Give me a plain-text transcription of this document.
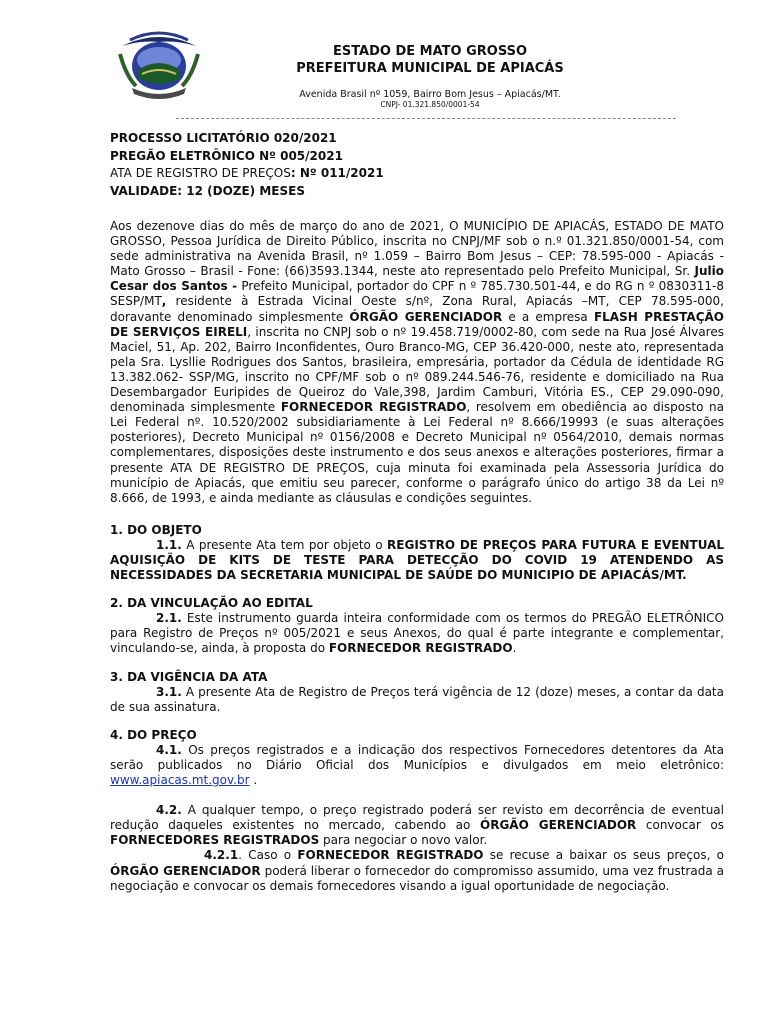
ESTADO DE MATO GROSSO
PREFEITURA MUNICIPAL DE APIACÁS
Avenida Brasil nº 1059, Bairro Bom Jesus – Apiacás/MT.
CNPJ- 01.321.850/0001-54

PROCESSO LICITATÓRIO 020/2021

PREGÃO ELETRÔNICO Nº 005/2021

ATA DE REGISTRO DE PREÇOS: Nº 011/2021

VALIDADE: 12 (DOZE) MESES

Aos dezenove dias do mês de março do ano de 2021, O MUNICÍPIO DE APIACÁS, ESTADO DE MATO GROSSO, Pessoa Jurídica de Direito Público, inscrita no CNPJ/MF sob o n.º 01.321.850/0001-54, com sede administrativa na Avenida Brasil, nº 1.059 – Bairro Bom Jesus – CEP: 78.595-000 - Apiacás - Mato Grosso – Brasil - Fone: (66)3593.1344, neste ato representado pelo Prefeito Municipal, Sr. Julio Cesar dos Santos - Prefeito Municipal, portador do CPF n º 785.730.501-44, e do RG n º 0830311-8 SESP/MT, residente à Estrada Vicinal Oeste s/nº, Zona Rural, Apiacás –MT, CEP 78.595-000, doravante denominado simplesmente ÓRGÃO GERENCIADOR e a empresa FLASH PRESTAÇÃO DE SERVIÇOS EIRELI, inscrita no CNPJ sob o nº 19.458.719/0002-80, com sede na Rua José Álvares Maciel, 51, Ap. 202, Bairro Inconfidentes, Ouro Branco-MG, CEP 36.420-000, neste ato, representada pela Sra. Lysllie Rodrigues dos Santos, brasileira, empresária, portador da Cédula de identidade RG 13.382.062- SSP/MG, inscrito no CPF/MF sob o nº 089.244.546-76, residente e domiciliado na Rua Desembargador Euripides de Queiroz do Vale,398, Jardim Camburi, Vitória ES., CEP 29.090-090, denominada simplesmente FORNECEDOR REGISTRADO, resolvem em obediência ao disposto na Lei Federal nº. 10.520/2002 subsidiariamente à Lei Federal nº 8.666/19993 (e suas alterações posteriores), Decreto Municipal nº 0156/2008 e Decreto Municipal nº 0564/2010, demais normas complementares, disposições deste instrumento e dos seus anexos e alterações posteriores, firmar a presente ATA DE REGISTRO DE PREÇOS, cuja minuta foi examinada pela Assessoria Jurídica do município de Apiacás, que emitiu seu parecer, conforme o parágrafo único do artigo 38 da Lei nº 8.666, de 1993, e ainda mediante as cláusulas e condições seguintes.

1. DO OBJETO

1.1. A presente Ata tem por objeto o REGISTRO DE PREÇOS PARA FUTURA E EVENTUAL AQUISIÇÃO DE KITS DE TESTE PARA DETECÇÃO DO COVID 19 ATENDENDO AS NECESSIDADES DA SECRETARIA MUNICIPAL DE SAÚDE DO MUNICIPIO DE APIACÁS/MT.

2. DA VINCULAÇÃO AO EDITAL

2.1. Este instrumento guarda inteira conformidade com os termos do PREGÃO ELETRÔNICO para Registro de Preços nº 005/2021 e seus Anexos, do qual é parte integrante e complementar, vinculando-se, ainda, à proposta do FORNECEDOR REGISTRADO.

3. DA VIGÊNCIA DA ATA

3.1. A presente Ata de Registro de Preços terá vigência de 12 (doze) meses, a contar da data de sua assinatura.

4. DO PREÇO

4.1. Os preços registrados e a indicação dos respectivos Fornecedores detentores da Ata serão publicados no Diário Oficial dos Municípios e divulgados em meio eletrônico: www.apiacas.mt.gov.br .

4.2. A qualquer tempo, o preço registrado poderá ser revisto em decorrência de eventual redução daqueles existentes no mercado, cabendo ao ÓRGÃO GERENCIADOR convocar os FORNECEDORES REGISTRADOS para negociar o novo valor.

4.2.1. Caso o FORNECEDOR REGISTRADO se recuse a baixar os seus preços, o ÓRGÃO GERENCIADOR poderá liberar o fornecedor do compromisso assumido, uma vez frustrada a negociação e convocar os demais fornecedores visando a igual oportunidade de negociação.
